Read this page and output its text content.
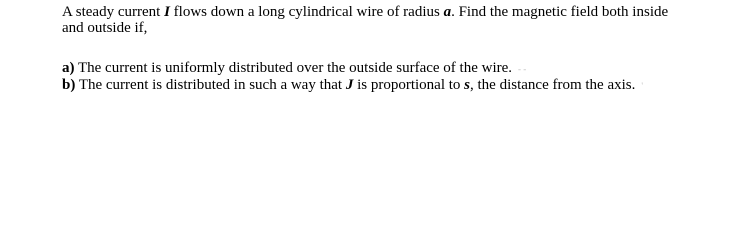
A steady current I flows down a long cylindrical wire of radius a. Find the magnetic field both inside
and outside if,
a) The current is uniformly distributed over the outside surface of the wire. - -
b) The current is distributed in such a way that J is proportional to s, the distance from the axis. '
